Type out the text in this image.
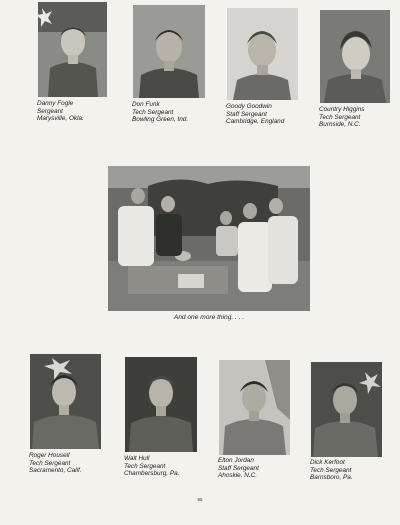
Danny Fogle
Sergeant
Marysville, Okla.
Don Funk
Tech Sergeant
Bowling Green, Ind.
Goody Goodwin
Staff Sergeant
Cambridge, England
Country Higgins
Tech Sergeant
Burnside, N.C.
And one more thing. . . .
Roger Housell
Tech Sergeant
Sacramento, Calif.
Walt Hull
Tech Sergeant
Chambersburg, Pa.
Elton Jordan
Staff Sergeant
Ahoskie, N.C.
Dick Kerfoot
Tech Sergeant
Barnsboro, Pa.
95
